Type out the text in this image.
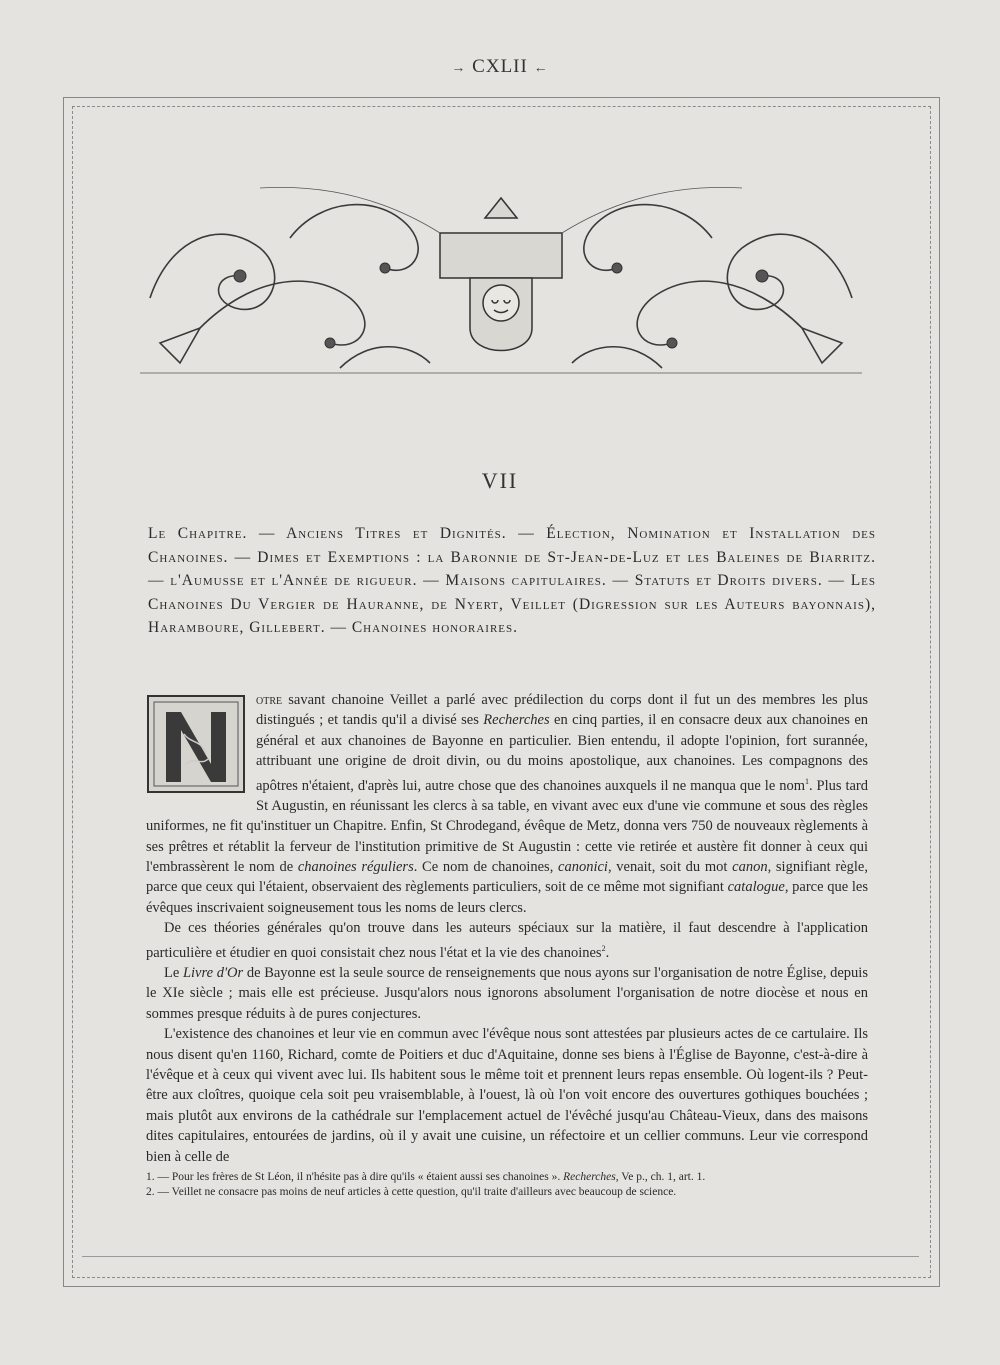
→ CXLII ←
VII
Le Chapitre. — Anciens Titres et Dignités. — Élection, Nomination et Installation des Chanoines. — Dimes et Exemptions : la Baronnie de St-Jean-de-Luz et les Baleines de Biarritz. — l'Aumusse et l'Année de rigueur. — Maisons capitulaires. — Statuts et Droits divers. — Les Chanoines Du Vergier de Hauranne, de Nyert, Veillet (Digression sur les Auteurs bayonnais), Haramboure, Gillebert. — Chanoines honoraires.

otre savant chanoine Veillet a parlé avec prédilection du corps dont il fut un des membres les plus distingués ; et tandis qu'il a divisé ses Recherches en cinq parties, il en consacre deux aux chanoines en général et aux chanoines de Bayonne en particulier. Bien entendu, il adopte l'opinion, fort surannée, attribuant une origine de droit divin, ou du moins apostolique, aux chanoines. Les compagnons des apôtres n'étaient, d'après lui, autre chose que des chanoines auxquels il ne manqua que le nom$^1$. Plus tard St Augustin, en réunissant les clercs à sa table, en vivant avec eux d'une vie commune et sous des règles uniformes, ne fit qu'instituer un Chapitre. Enfin, St Chrodegand, évêque de Metz, donna vers 750 de nouveaux règlements à ses prêtres et rétablit la ferveur de l'institution primitive de St Augustin : cette vie retirée et austère fit donner à ceux qui l'embrassèrent le nom de chanoines réguliers. Ce nom de chanoines, canonici, venait, soit du mot canon, signifiant règle, parce que ceux qui l'étaient, observaient des règlements particuliers, soit de ce même mot signifiant catalogue, parce que les évêques inscrivaient soigneusement tous les noms de leurs clercs.

De ces théories générales qu'on trouve dans les auteurs spéciaux sur la matière, il faut descendre à l'application particulière et étudier en quoi consistait chez nous l'état et la vie des chanoines$^2$.

Le Livre d'Or de Bayonne est la seule source de renseignements que nous ayons sur l'organisation de notre Église, depuis le XIe siècle ; mais elle est précieuse. Jusqu'alors nous ignorons absolument l'organisation de notre diocèse et nous en sommes presque réduits à de pures conjectures.

L'existence des chanoines et leur vie en commun avec l'évêque nous sont attestées par plusieurs actes de ce cartulaire. Ils nous disent qu'en 1160, Richard, comte de Poitiers et duc d'Aquitaine, donne ses biens à l'Église de Bayonne, c'est-à-dire à l'évêque et à ceux qui vivent avec lui. Ils habitent sous le même toit et prennent leurs repas ensemble. Où logent-ils ? Peut-être aux cloîtres, quoique cela soit peu vraisemblable, à l'ouest, là où l'on voit encore des ouvertures gothiques bouchées ; mais plutôt aux environs de la cathédrale sur l'emplacement actuel de l'évêché jusqu'au Château-Vieux, dans des maisons dites capitulaires, entourées de jardins, où il y avait une cuisine, un réfectoire et un cellier communs. Leur vie correspond bien à celle de

1. — Pour les frères de St Léon, il n'hésite pas à dire qu'ils « étaient aussi ses chanoines ». Recherches, Ve p., ch. 1, art. 1.

2. — Veillet ne consacre pas moins de neuf articles à cette question, qu'il traite d'ailleurs avec beaucoup de science.
